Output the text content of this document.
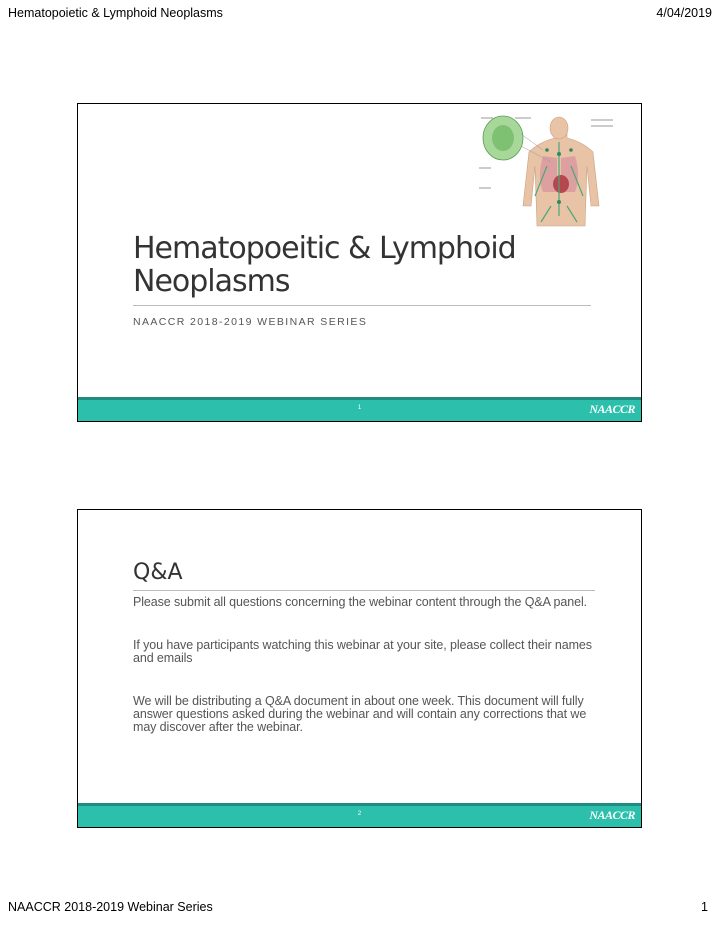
Hematopoietic & Lymphoid Neoplasms	4/04/2019
Hematopoeitic & Lymphoid Neoplasms
NAACCR 2018-2019 WEBINAR SERIES
1	NAACCR
Q&A

Please submit all questions concerning the webinar content through the Q&A panel.

If you have participants watching this webinar at your site, please collect their names and emails

We will be distributing a Q&A document in about one week. This document will fully answer questions asked during the webinar and will contain any corrections that we may discover after the webinar.

2	NAACCR
NAACCR 2018-2019 Webinar Series	1
